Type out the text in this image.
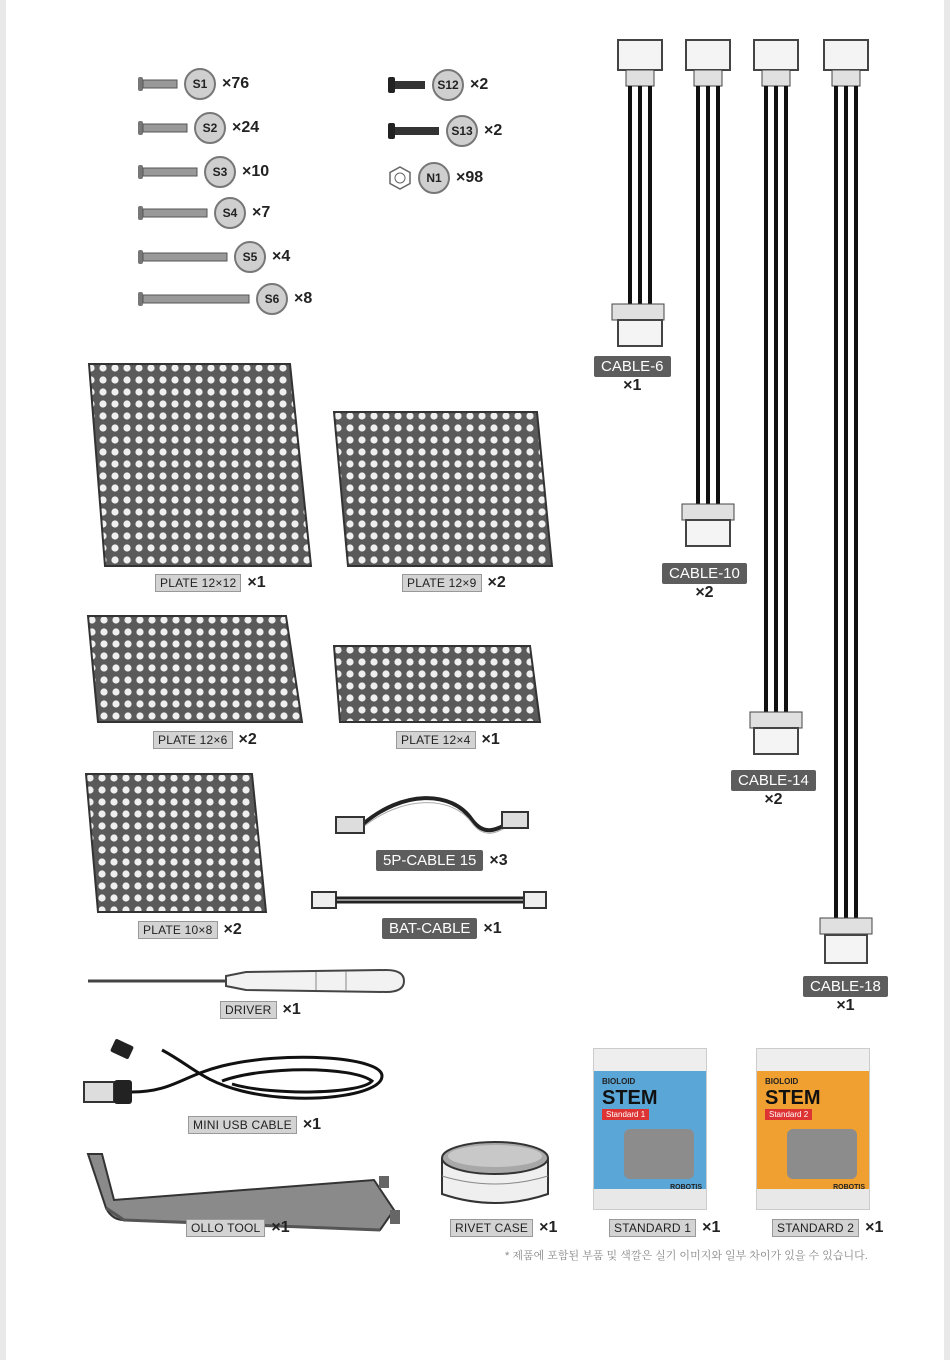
S1 ×76
S2 ×24
S3 ×10
S4 ×7
S5 ×4
S6 ×8
S12 ×2
S13 ×2
N1 ×98
PLATE 12×12 ×1	PLATE 12×9 ×2
PLATE 12×6 ×2	PLATE 12×4 ×1
PLATE 10×8 ×2
5P-CABLE 15 ×3
BAT-CABLE ×1
CABLE-6
×1
CABLE-10
×2
CABLE-14
×2
CABLE-18
×1
DRIVER ×1
MINI USB CABLE ×1
OLLO TOOL ×1	RIVET CASE ×1
BIOLOID
STEM
Standard 1
ROBOTIS
STANDARD 1 ×1
BIOLOID
STEM
Standard 2
ROBOTIS
STANDARD 2 ×1
* 제품에 포함된 부품 및 색깔은 실기 이미지와 일부 차이가 있을 수 있습니다.
